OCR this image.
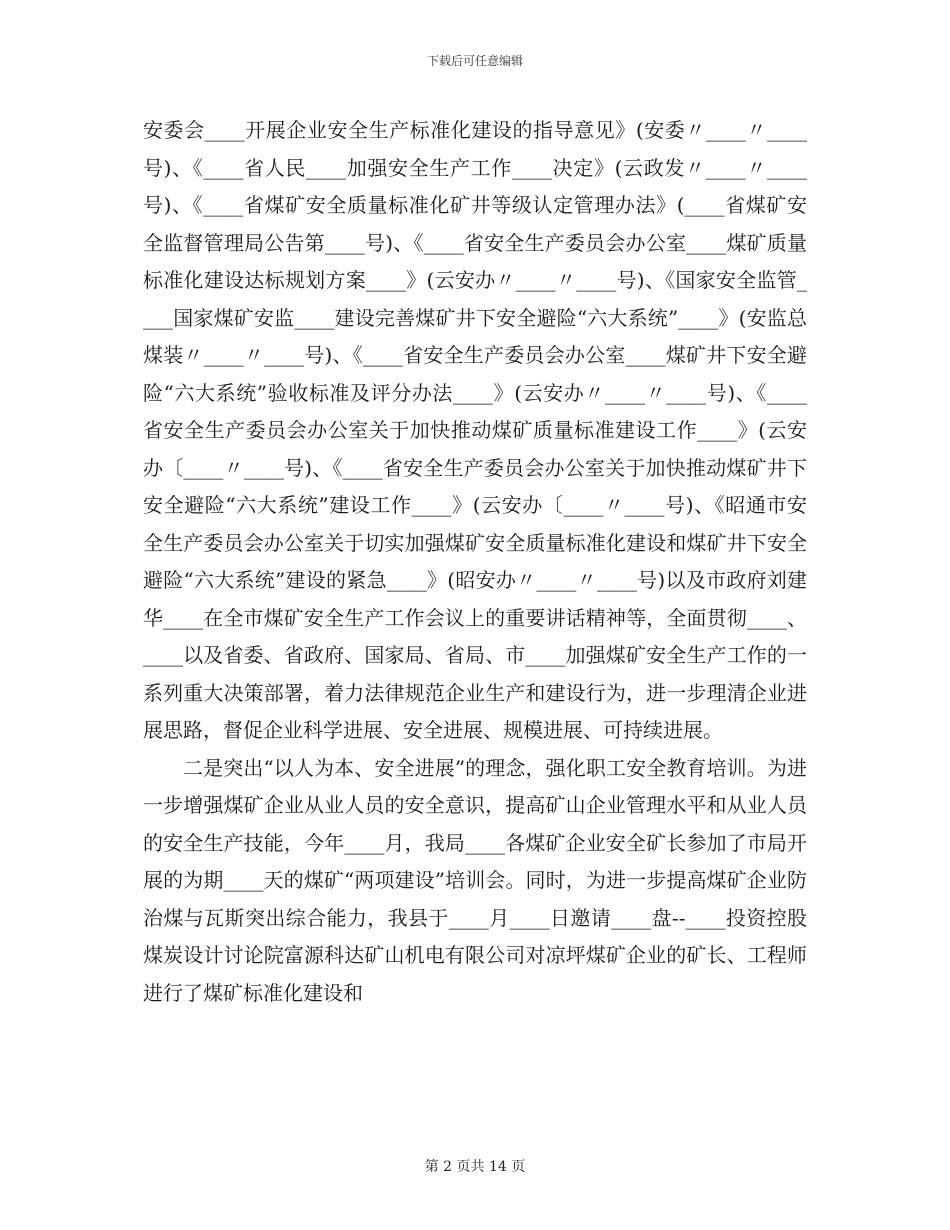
下载后可任意编辑

安委会____开展企业安全生产标准化建设的指导意见》(安委〃____〃____号)、《____省人民____加强安全生产工作____决定》(云政发〃____〃____号)、《____省煤矿安全质量标准化矿井等级认定管理办法》(____省煤矿安全监督管理局公告第____号)、《____省安全生产委员会办公室____煤矿质量标准化建设达标规划方案____》(云安办〃____〃____号)、《国家安全监管____国家煤矿安监____建设完善煤矿井下安全避险“六大系统”____》(安监总煤装〃____〃____号)、《____省安全生产委员会办公室____煤矿井下安全避险“六大系统”验收标准及评分办法____》(云安办〃____〃____号)、《____省安全生产委员会办公室关于加快推动煤矿质量标准建设工作____》(云安办〔____〃____号)、《____省安全生产委员会办公室关于加快推动煤矿井下安全避险“六大系统”建设工作____》(云安办〔____〃____号)、《昭通市安全生产委员会办公室关于切实加强煤矿安全质量标准化建设和煤矿井下安全避险“六大系统”建设的紧急____》(昭安办〃____〃____号)以及市政府刘建华____在全市煤矿安全生产工作会议上的重要讲话精神等，全面贯彻____、____以及省委、省政府、国家局、省局、市____加强煤矿安全生产工作的一系列重大决策部署，着力法律规范企业生产和建设行为，进一步理清企业进展思路，督促企业科学进展、安全进展、规模进展、可持续进展。

二是突出“以人为本、安全进展”的理念，强化职工安全教育培训。为进一步增强煤矿企业从业人员的安全意识，提高矿山企业管理水平和从业人员的安全生产技能，今年____月，我局____各煤矿企业安全矿长参加了市局开展的为期____天的煤矿“两项建设”培训会。同时，为进一步提高煤矿企业防治煤与瓦斯突出综合能力，我县于____月____日邀请____盘--____投资控股煤炭设计讨论院富源科达矿山机电有限公司对凉坪煤矿企业的矿长、工程师进行了煤矿标准化建设和

第 2 页共 14 页
